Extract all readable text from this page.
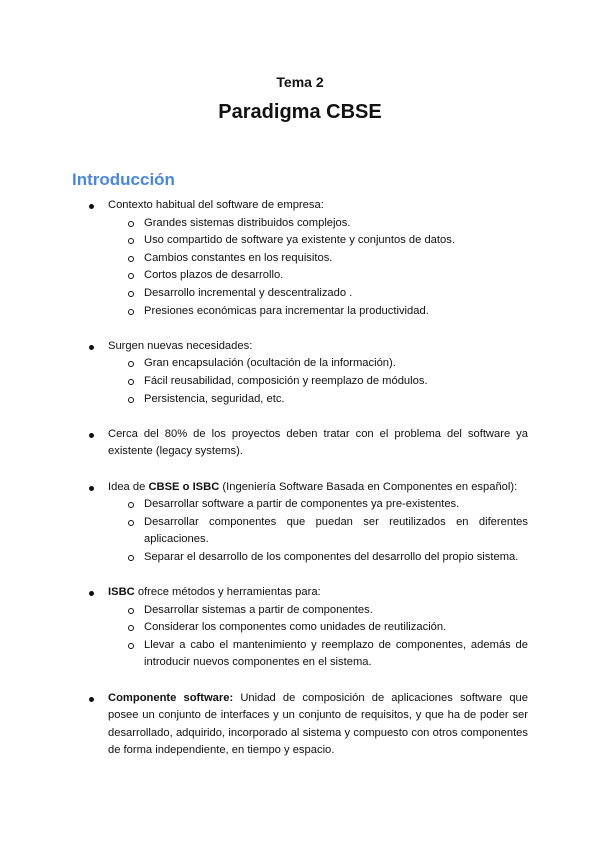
Tema 2
Paradigma CBSE
Introducción
Contexto habitual del software de empresa:
Grandes sistemas distribuidos complejos.
Uso compartido de software ya existente y conjuntos de datos.
Cambios constantes en los requisitos.
Cortos plazos de desarrollo.
Desarrollo incremental y descentralizado .
Presiones económicas para incrementar la productividad.
Surgen nuevas necesidades:
Gran encapsulación (ocultación de la información).
Fácil reusabilidad, composición y reemplazo de módulos.
Persistencia, seguridad, etc.
Cerca del 80% de los proyectos deben tratar con el problema del software ya existente (legacy systems).
Idea de CBSE o ISBC (Ingeniería Software Basada en Componentes en español):
Desarrollar software a partir de componentes ya pre-existentes.
Desarrollar componentes que puedan ser reutilizados en diferentes aplicaciones.
Separar el desarrollo de los componentes del desarrollo del propio sistema.
ISBC ofrece métodos y herramientas para:
Desarrollar sistemas a partir de componentes.
Considerar los componentes como unidades de reutilización.
Llevar a cabo el mantenimiento y reemplazo de componentes, además de introducir nuevos componentes en el sistema.
Componente software: Unidad de composición de aplicaciones software que posee un conjunto de interfaces y un conjunto de requisitos, y que ha de poder ser desarrollado, adquirido, incorporado al sistema y compuesto con otros componentes de forma independiente, en tiempo y espacio.
